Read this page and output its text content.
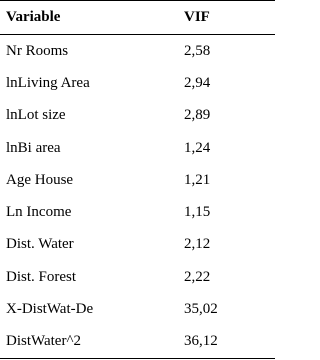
Variable	VIF
Nr Rooms	2,58
lnLiving Area	2,94
lnLot size	2,89
lnBi area	1,24
Age House	1,21
Ln Income	1,15
Dist. Water	2,12
Dist. Forest	2,22
X-DistWat-De	35,02
DistWater^2	36,12
